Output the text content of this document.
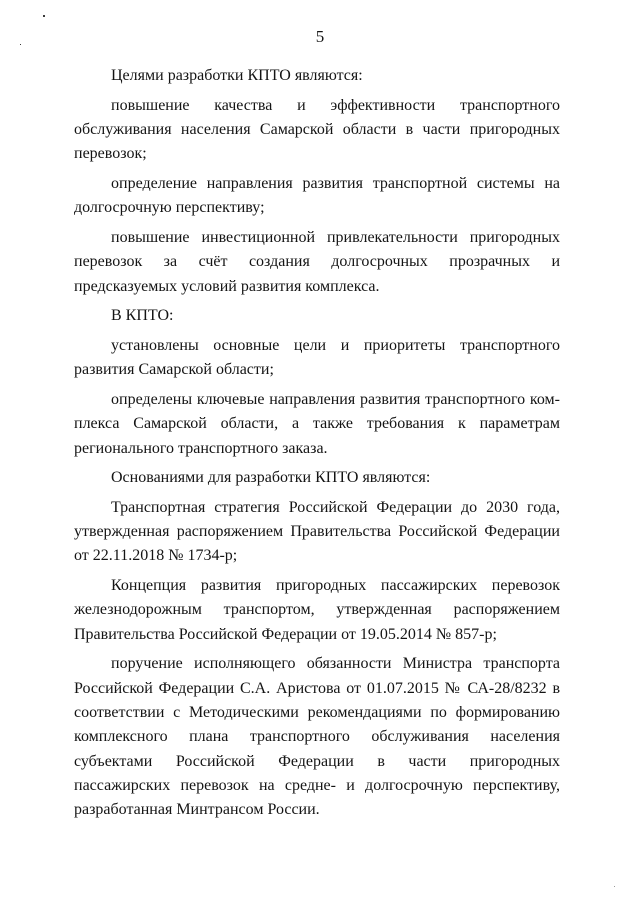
5

Целями разработки КПТО являются:

повышение качества и эффективности транспортного обслуживания населения Самарской области в части пригородных перевозок;

определение направления развития транспортной системы на долгосрочную перспективу;

повышение инвестиционной привлекательности пригородных перевозок за счёт создания долгосрочных прозрачных и предсказуемых условий развития комплекса.

В КПТО:

установлены основные цели и приоритеты транспортного развития Самарской области;

определены ключевые направления развития транспортного комплекса Самарской области, а также требования к параметрам регионального транспортного заказа.

Основаниями для разработки КПТО являются:

Транспортная стратегия Российской Федерации до 2030 года, утвержденная распоряжением Правительства Российской Федерации от 22.11.2018 № 1734-р;

Концепция развития пригородных пассажирских перевозок железнодорожным транспортом, утвержденная распоряжением Правительства Российской Федерации от 19.05.2014 № 857-р;

поручение исполняющего обязанности Министра транспорта Российской Федерации С.А. Аристова от 01.07.2015 № СА-28/8232 в соответствии с Методическими рекомендациями по формированию комплексного плана транспортного обслуживания населения субъектами Российской Федерации в части пригородных пассажирских перевозок на средне- и долгосрочную перспективу, разработанная Минтрансом России.
